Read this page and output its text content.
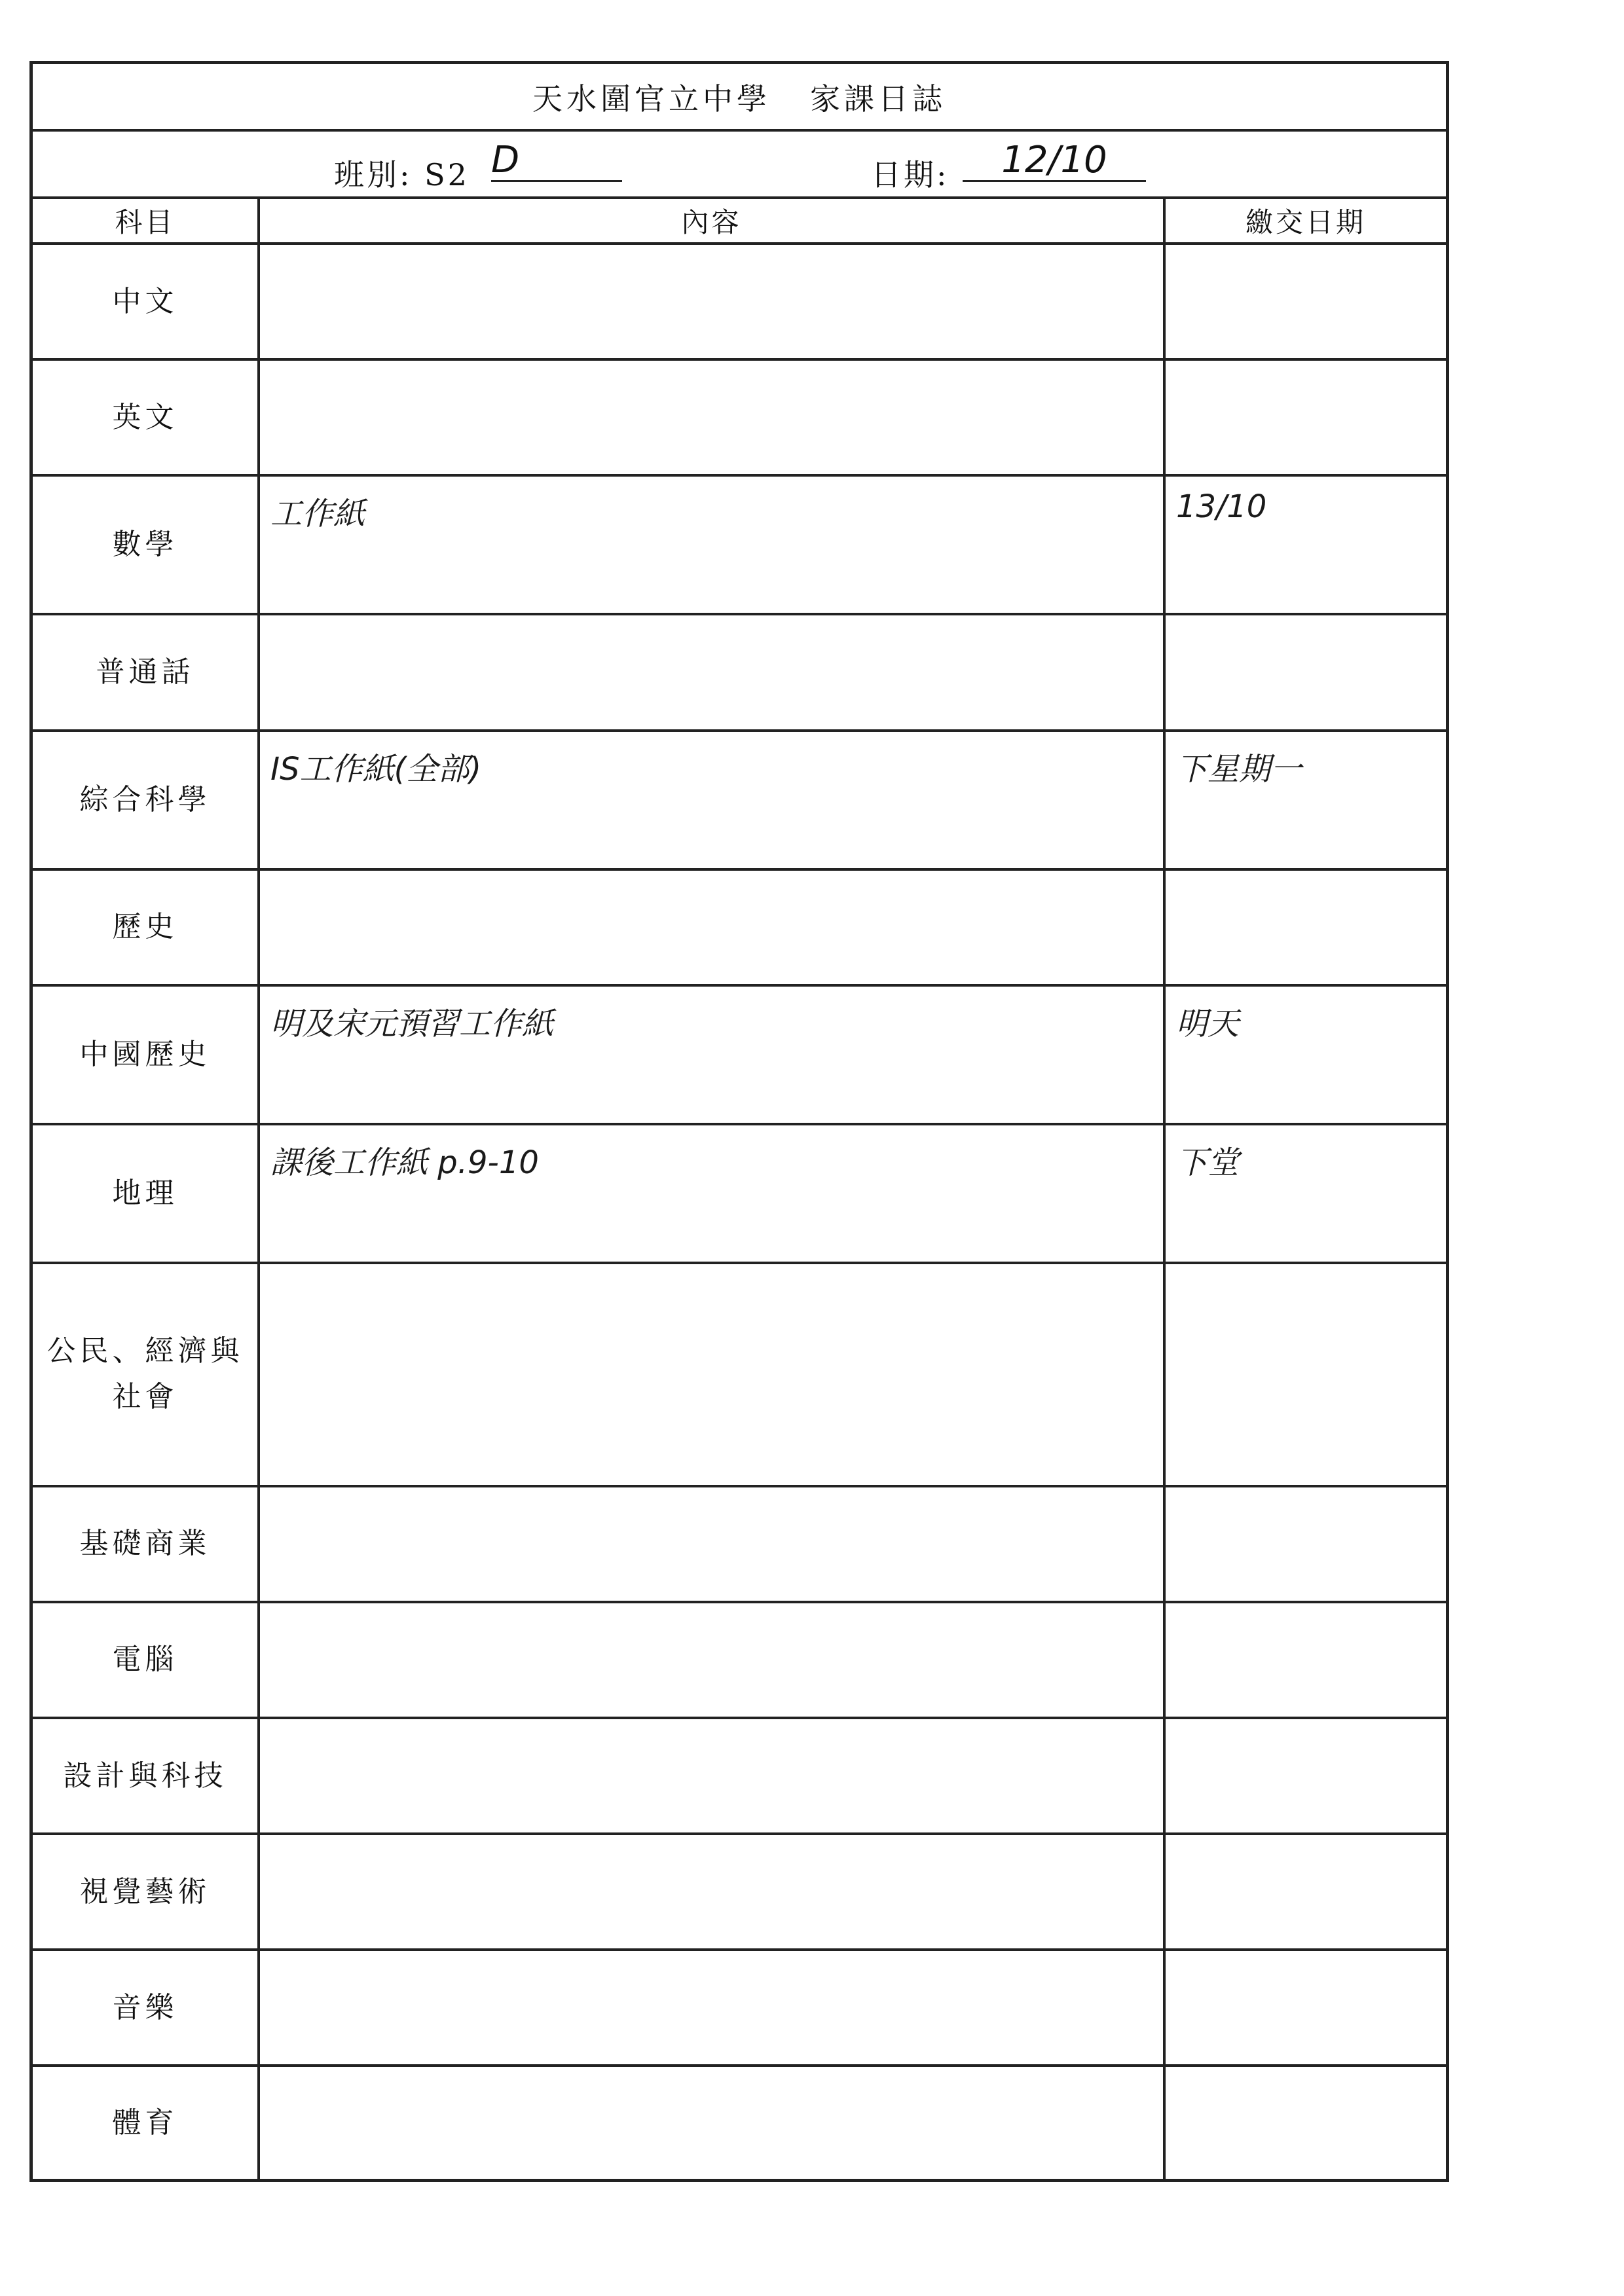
天水圍官立中學 家課日誌
班別: S2 D	日期:	12/10
科目	內容	繳交日期
中文		
英文		
數學	工作紙	13/10
普通話		
綜合科學	IS工作紙(全部)	下星期一
歷史		
中國歷史	明及宋元預習工作紙	明天
地理	課後工作紙 p.9-10	下堂
公民、經濟與社會		
基礎商業		
電腦		
設計與科技		
視覺藝術		
音樂		
體育		
